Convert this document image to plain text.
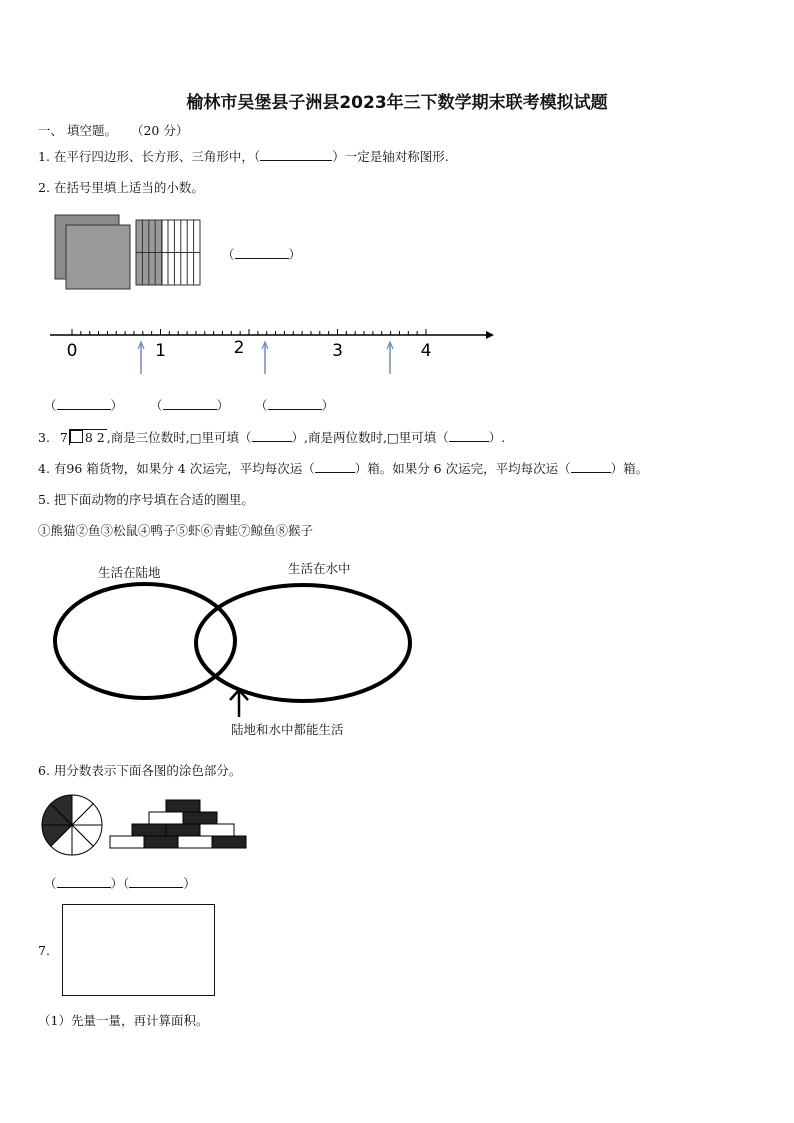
榆林市吴堡县子洲县2023年三下数学期末联考模拟试题
一、 填空题。 （20 分）
1. 在平行四边形、长方形、三角形中，（	）一定是轴对称图形.
2. 在括号里填上适当的小数。
（	）
0	1	2	3	4
（	） （	） （	）
3. 7 8 2 ,商是三位数时,□里可填（	）,商是两位数时,□里可填（	）.
4. 有96 箱货物，如果分 4 次运完，平均每次运（	）箱。如果分 6 次运完，平均每次运（	）箱。
5. 把下面动物的序号填在合适的圈里。
①熊猫②鱼③松鼠④鸭子⑤虾⑥青蛙⑦鲸鱼⑧猴子
生活在陆地	生活在水中
陆地和水中都能生活
6. 用分数表示下面各图的涂色部分。
（	）（	）
7.
（1）先量一量，再计算面积。
